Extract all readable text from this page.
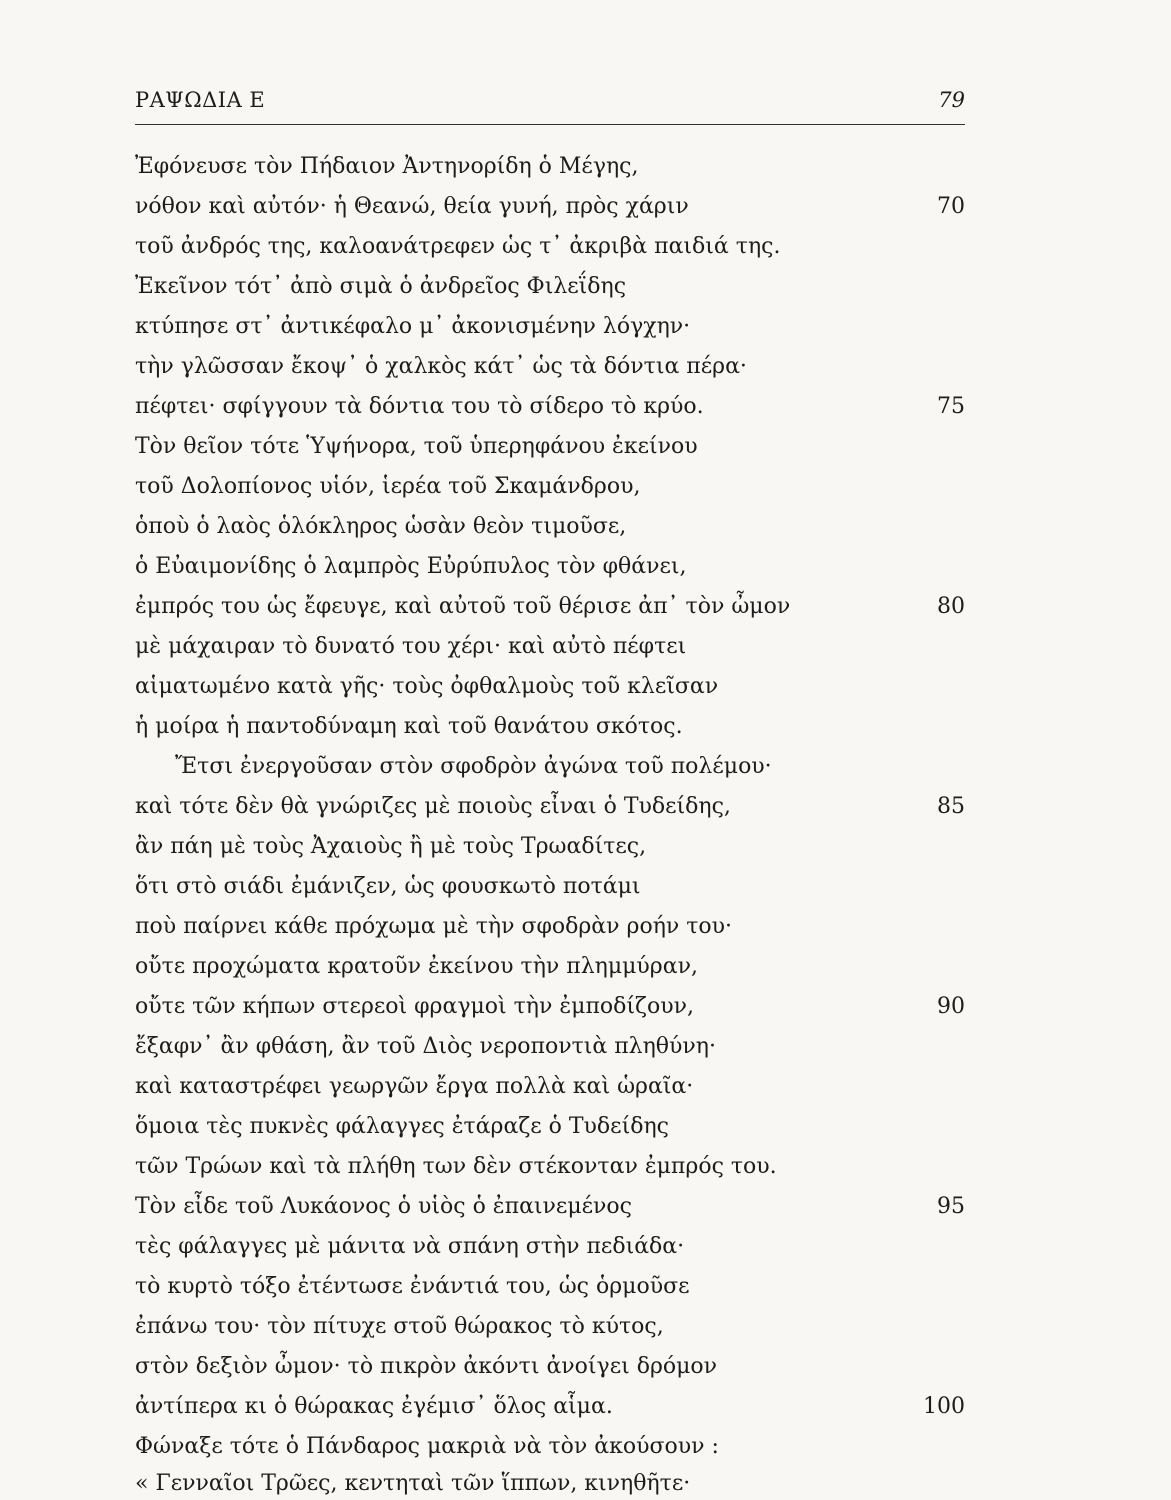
ΡΑΨΩΔΙΑ Ε	79
Ἐφόνευσε τὸν Πήδαιον Ἀντηνορίδη ὁ Μέγης,
νόθον καὶ αὐτόν· ἡ Θεανώ, θεία γυνή, πρὸς χάριν	70
τοῦ ἀνδρός της, καλοανάτρεφεν ὡς τ᾽ ἀκριβὰ παιδιά της.
Ἐκεῖνον τότ᾽ ἀπὸ σιμὰ ὁ ἀνδρεῖος Φιλεΐδης
κτύπησε στ᾽ ἀντικέφαλο μ᾽ ἀκονισμένην λόγχην·
τὴν γλῶσσαν ἔκοψ᾽ ὁ χαλκὸς κάτ᾽ ὡς τὰ δόντια πέρα·
πέφτει· σφίγγουν τὰ δόντια του τὸ σίδερο τὸ κρύο.	75
Τὸν θεῖον τότε Ὑψήνορα, τοῦ ὑπερηφάνου ἐκείνου
τοῦ Δολοπίονος υἱόν, ἱερέα τοῦ Σκαμάνδρου,
ὁποὺ ὁ λαὸς ὁλόκληρος ὡσὰν θεὸν τιμοῦσε,
ὁ Εὐαιμονίδης ὁ λαμπρὸς Εὐρύπυλος τὸν φθάνει,
ἐμπρός του ὡς ἔφευγε, καὶ αὐτοῦ τοῦ θέρισε ἀπ᾽ τὸν ὦμον	80
μὲ μάχαιραν τὸ δυνατό του χέρι· καὶ αὐτὸ πέφτει
αἱματωμένο κατὰ γῆς· τοὺς ὀφθαλμοὺς τοῦ κλεῖσαν
ἡ μοίρα ἡ παντοδύναμη καὶ τοῦ θανάτου σκότος.
Ἔτσι ἐνεργοῦσαν στὸν σφοδρὸν ἀγώνα τοῦ πολέμου·
καὶ τότε δὲν θὰ γνώριζες μὲ ποιοὺς εἶναι ὁ Τυδείδης,	85
ἂν πάη μὲ τοὺς Ἀχαιοὺς ἢ μὲ τοὺς Τρωαδίτες,
ὅτι στὸ σιάδι ἐμάνιζεν, ὡς φουσκωτὸ ποτάμι
ποὺ παίρνει κάθε πρόχωμα μὲ τὴν σφοδρὰν ροήν του·
οὔτε προχώματα κρατοῦν ἐκείνου τὴν πλημμύραν,
οὔτε τῶν κήπων στερεοὶ φραγμοὶ τὴν ἐμποδίζουν,	90
ἔξαφν᾽ ἂν φθάση, ἂν τοῦ Διὸς νεροποντιὰ πληθύνη·
καὶ καταστρέφει γεωργῶν ἔργα πολλὰ καὶ ὡραῖα·
ὅμοια τὲς πυκνὲς φάλαγγες ἐτάραζε ὁ Τυδείδης
τῶν Τρώων καὶ τὰ πλήθη των δὲν στέκονταν ἐμπρός του.
Τὸν εἶδε τοῦ Λυκάονος ὁ υἱὸς ὁ ἐπαινεμένος	95
τὲς φάλαγγες μὲ μάνιτα νὰ σπάνη στὴν πεδιάδα·
τὸ κυρτὸ τόξο ἐτέντωσε ἐνάντιά του, ὡς ὁρμοῦσε
ἐπάνω του· τὸν πίτυχε στοῦ θώρακος τὸ κύτος,
στὸν δεξιὸν ὦμον· τὸ πικρὸν ἀκόντι ἀνοίγει δρόμον
ἀντίπερα κι ὁ θώρακας ἐγέμισ᾽ ὅλος αἷμα.	100
Φώναξε τότε ὁ Πάνδαρος μακριὰ νὰ τὸν ἀκούσουν :
« Γενναῖοι Τρῶες, κεντηταὶ τῶν ἵππων, κινηθῆτε·
